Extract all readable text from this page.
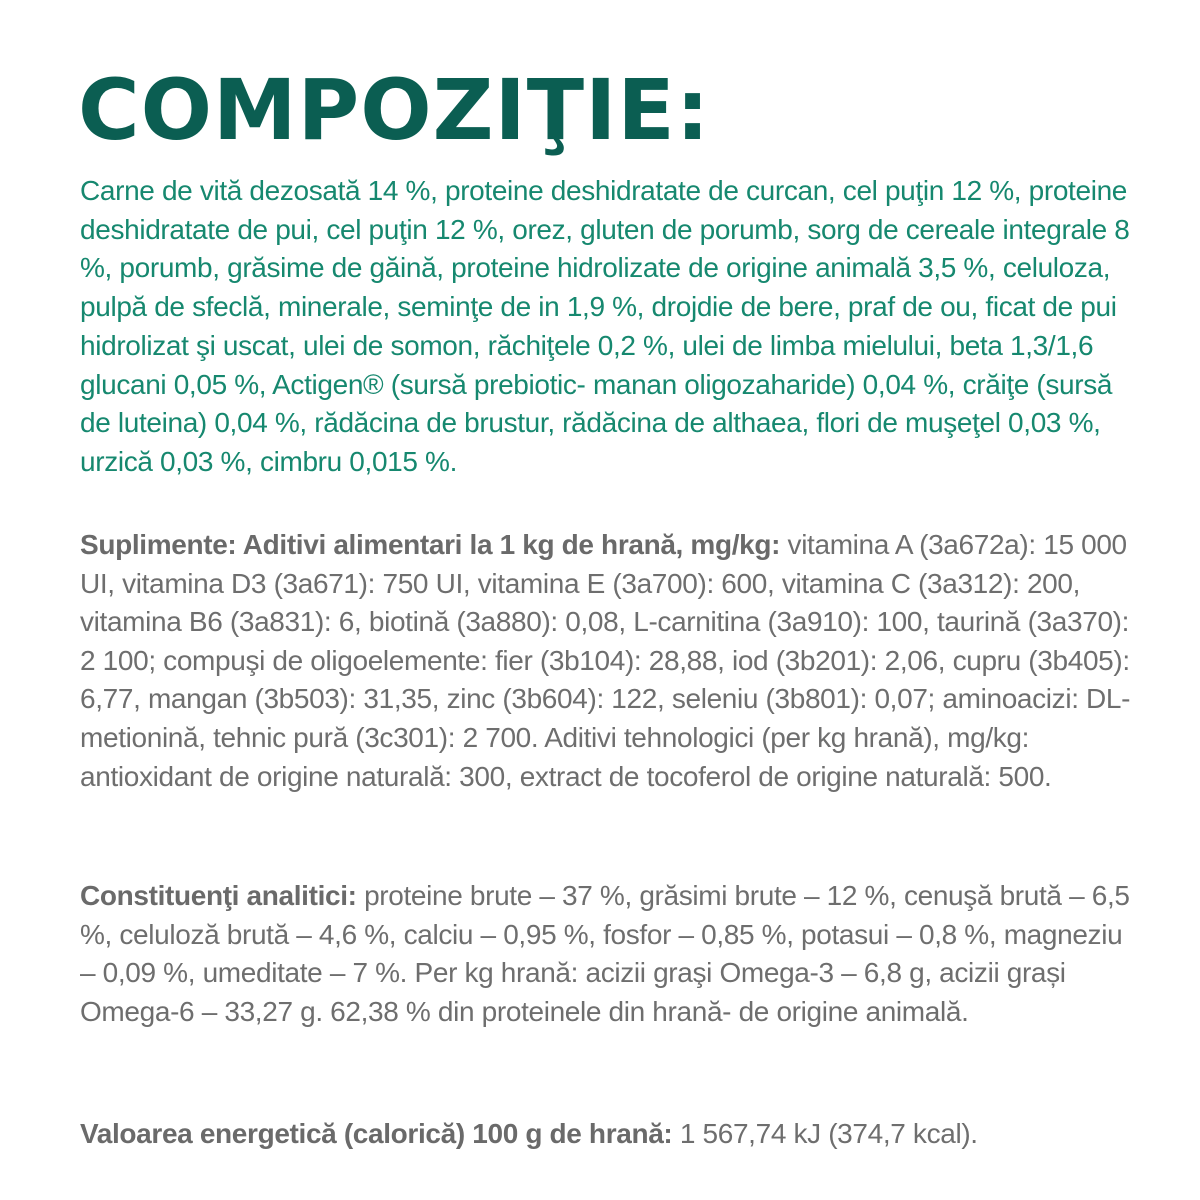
COMPOZIŢIE:

Carne de vită dezosată 14 %, proteine deshidratate de curcan, cel puţin 12 %, proteine deshidratate de pui, cel puţin 12 %, orez, gluten de porumb, sorg de cereale integrale 8 %, porumb, grăsime de găină, proteine hidrolizate de origine animală 3,5 %, celuloza, pulpă de sfeclă, minerale, seminţe de in 1,9 %, drojdie de bere, praf de ou, ficat de pui hidrolizat şi uscat, ulei de somon, răchiţele 0,2 %, ulei de limba mielului, beta 1,3/1,6 glucani 0,05 %, Actigen® (sursă prebiotic- manan oligozaharide) 0,04 %, crăiţe (sursă de luteina) 0,04 %, rădăcina de brustur, rădăcina de althaea, flori de muşeţel 0,03 %, urzică 0,03 %, cimbru 0,015 %.

Suplimente: Aditivi alimentari la 1 kg de hrană, mg/kg: vitamina A (3a672a): 15 000 UI, vitamina D3 (3a671): 750 UI, vitamina E (3a700): 600, vitamina C (3a312): 200, vitamina B6 (3a831): 6, biotină (3a880): 0,08, L-carnitina (3a910): 100, taurină (3a370): 2 100; compuşi de oligoelemente: fier (3b104): 28,88, iod (3b201): 2,06, cupru (3b405): 6,77, mangan (3b503): 31,35, zinc (3b604): 122, seleniu (3b801): 0,07; aminoacizi: DL-metionină, tehnic pură (3c301): 2 700. Aditivi tehnologici (per kg hrană), mg/kg: antioxidant de origine naturală: 300, extract de tocoferol de origine naturală: 500.

Constituenţi analitici: proteine brute – 37 %, grăsimi brute – 12 %, cenuşă brută – 6,5 %, celuloză brută – 4,6 %, calciu – 0,95 %, fosfor – 0,85 %, potasui – 0,8 %, magneziu – 0,09 %, umeditate – 7 %. Per kg hrană: acizii graşi Omega-3 – 6,8 g, acizii grași Omega-6 – 33,27 g. 62,38 % din proteinele din hrană- de origine animală.

Valoarea energetică (calorică) 100 g de hrană: 1 567,74 kJ (374,7 kcal).
